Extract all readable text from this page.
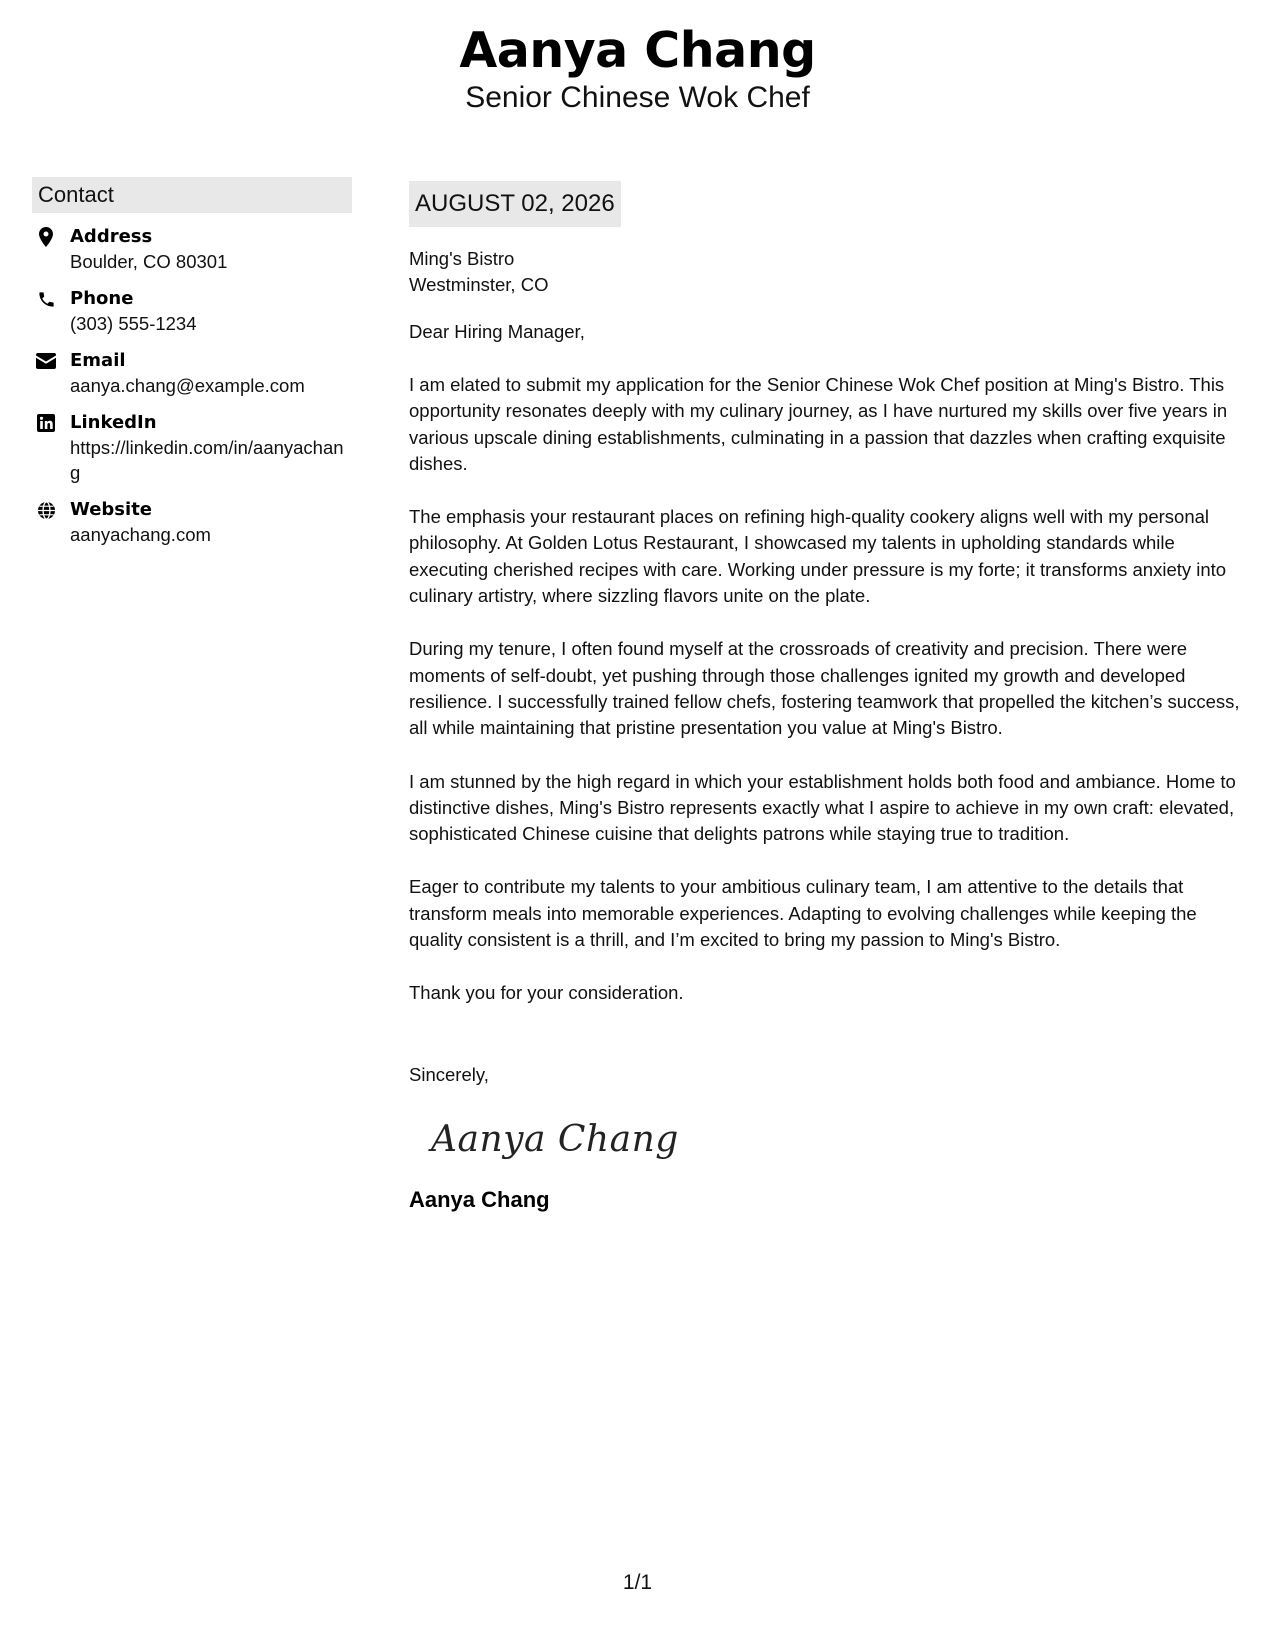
Aanya Chang
Senior Chinese Wok Chef
Contact
Address
Boulder, CO 80301
Phone
(303) 555-1234
Email
aanya.chang@example.com
LinkedIn
https://linkedin.com/in/aanyachang
Website
aanyachang.com
AUGUST 02, 2026
Ming's Bistro
Westminster, CO
Dear Hiring Manager,
I am elated to submit my application for the Senior Chinese Wok Chef position at Ming's Bistro. This opportunity resonates deeply with my culinary journey, as I have nurtured my skills over five years in various upscale dining establishments, culminating in a passion that dazzles when crafting exquisite dishes.
The emphasis your restaurant places on refining high-quality cookery aligns well with my personal philosophy. At Golden Lotus Restaurant, I showcased my talents in upholding standards while executing cherished recipes with care. Working under pressure is my forte; it transforms anxiety into culinary artistry, where sizzling flavors unite on the plate.
During my tenure, I often found myself at the crossroads of creativity and precision. There were moments of self-doubt, yet pushing through those challenges ignited my growth and developed resilience. I successfully trained fellow chefs, fostering teamwork that propelled the kitchen’s success, all while maintaining that pristine presentation you value at Ming's Bistro.
I am stunned by the high regard in which your establishment holds both food and ambiance. Home to distinctive dishes, Ming's Bistro represents exactly what I aspire to achieve in my own craft: elevated, sophisticated Chinese cuisine that delights patrons while staying true to tradition.
Eager to contribute my talents to your ambitious culinary team, I am attentive to the details that transform meals into memorable experiences. Adapting to evolving challenges while keeping the quality consistent is a thrill, and I’m excited to bring my passion to Ming's Bistro.
Thank you for your consideration.
Sincerely,
Aanya Chang
Aanya Chang
1/1
